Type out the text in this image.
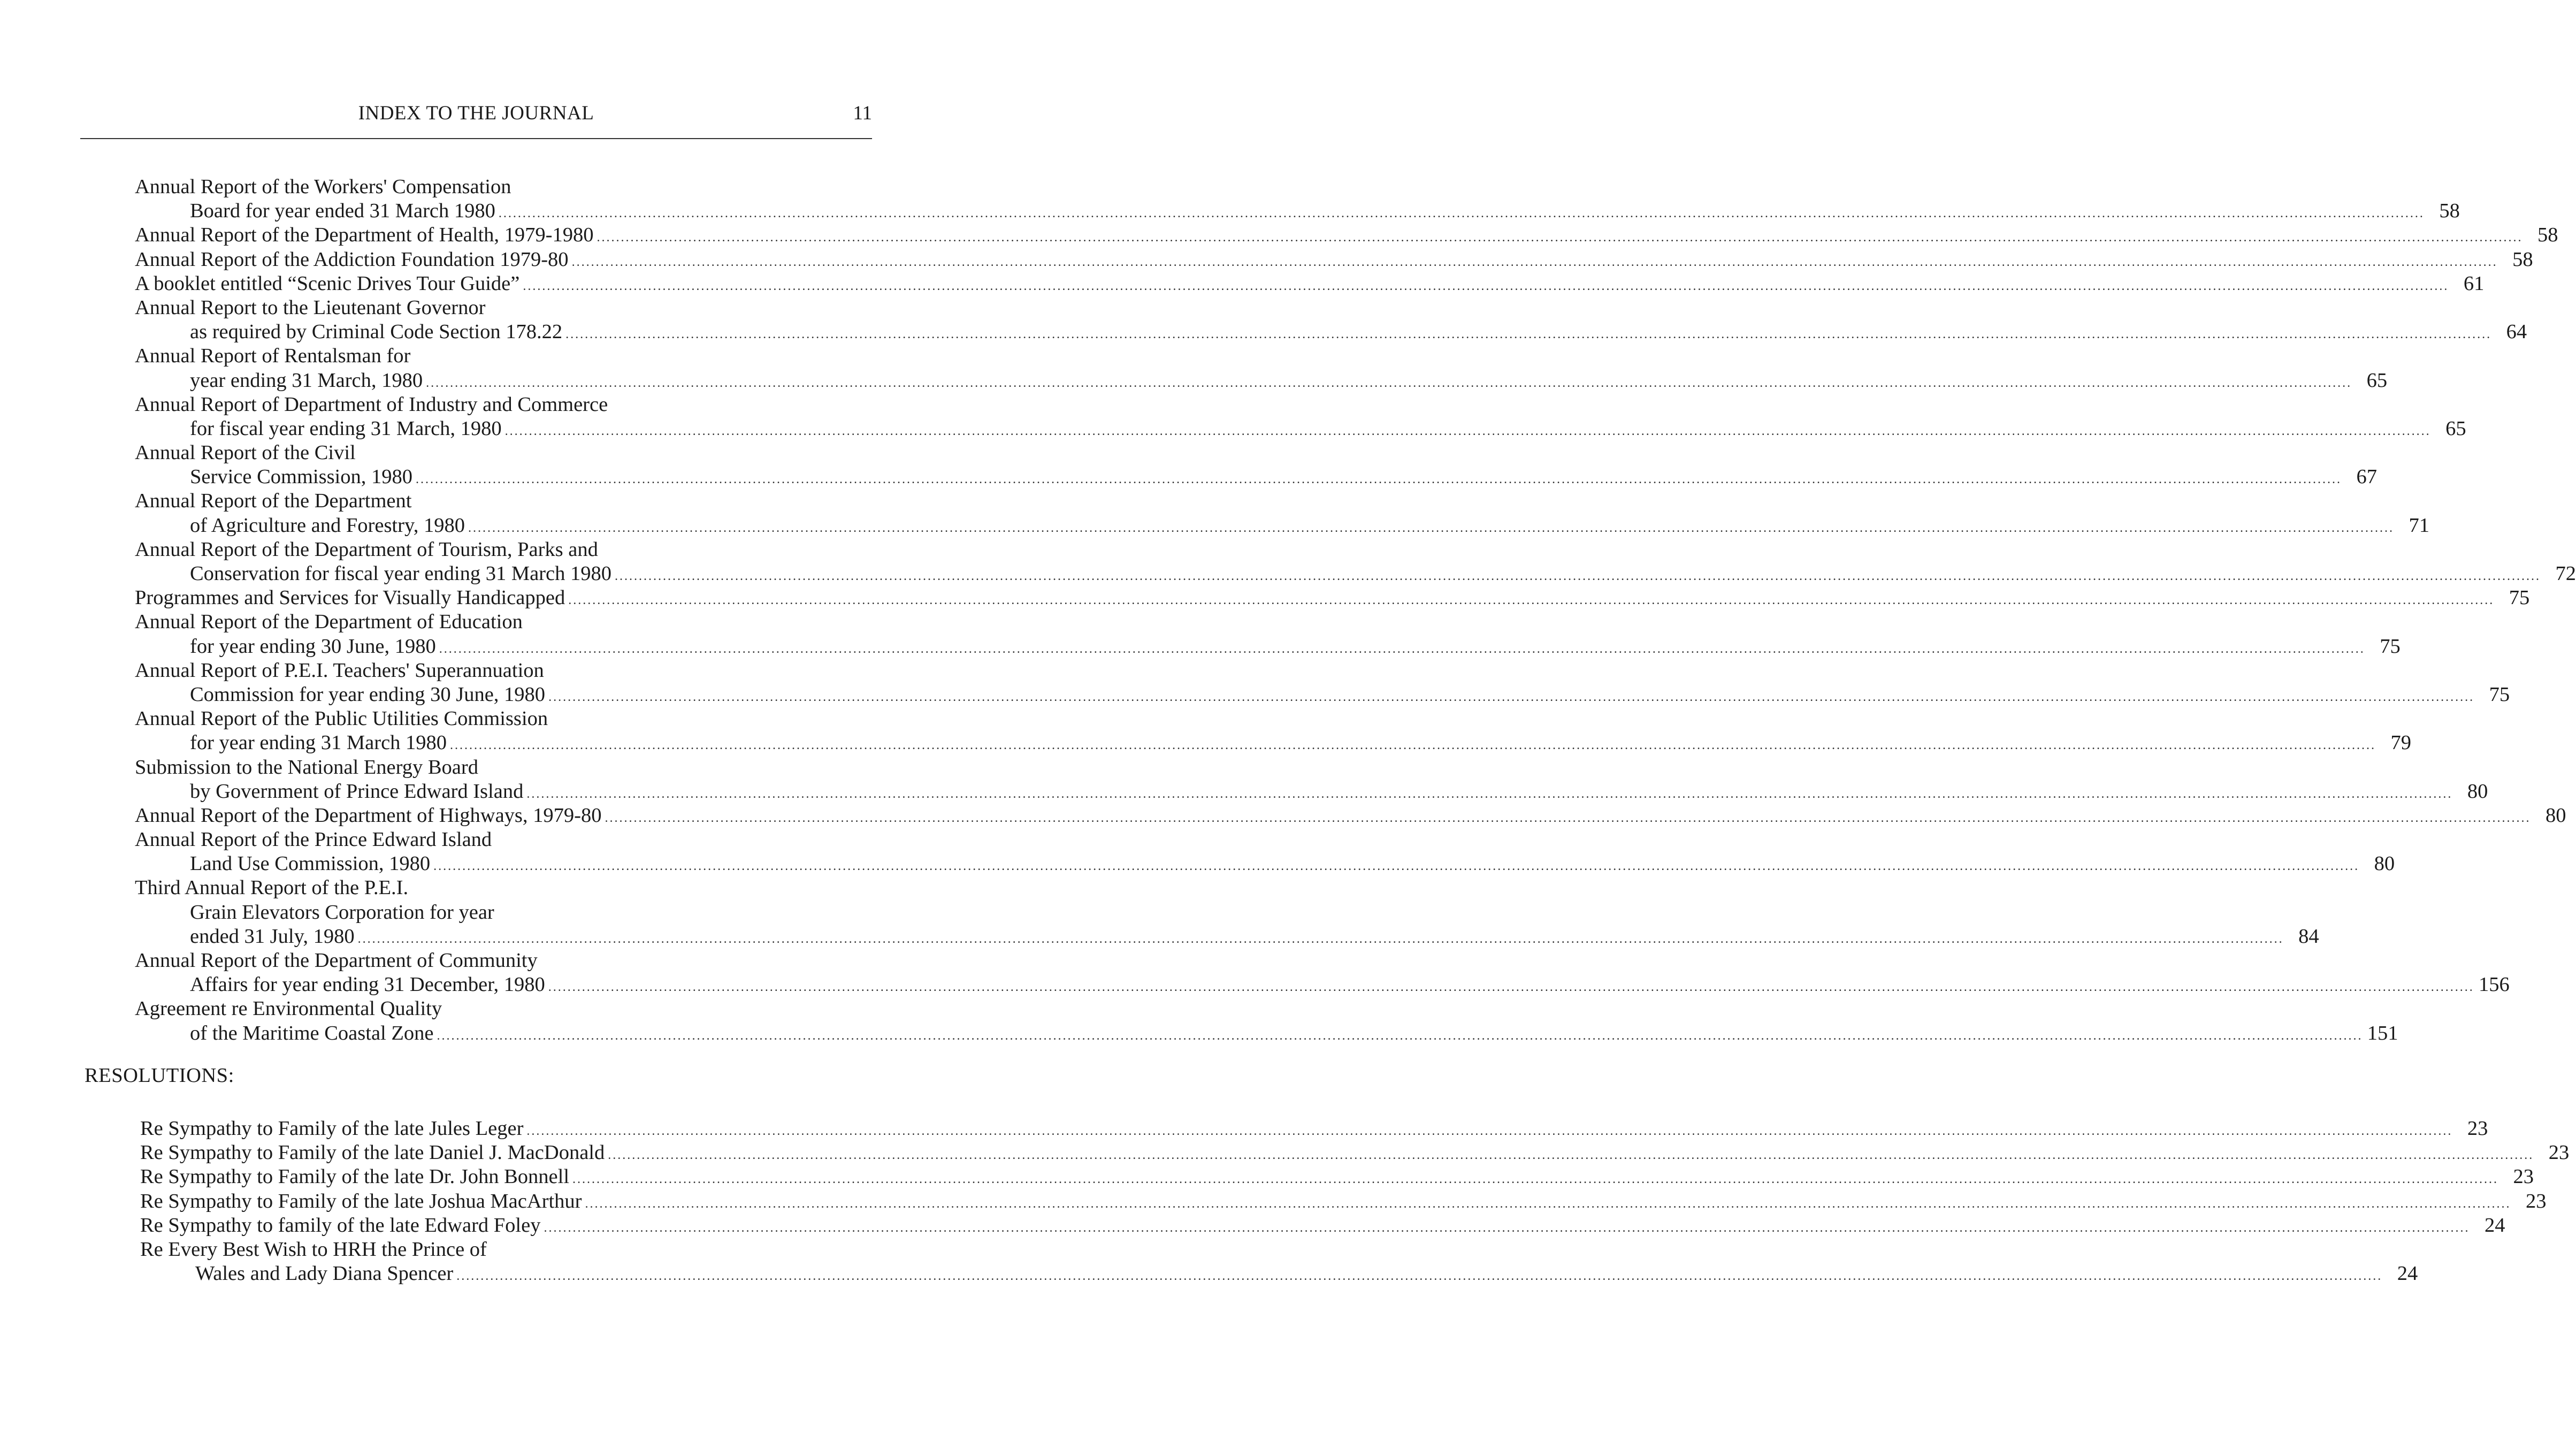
INDEX TO THE JOURNAL	11
Annual Report of the Workers' Compensation
Board for year ended 31 March 1980 ................................................................................................................................................................................................................................................................................................................................................................................................................ 58
Annual Report of the Department of Health, 1979-1980 ................................................................................................................................................................................................................................................................................................................................................................................................................ 58
Annual Report of the Addiction Foundation 1979-80 ................................................................................................................................................................................................................................................................................................................................................................................................................ 58
A booklet entitled “Scenic Drives Tour Guide” ................................................................................................................................................................................................................................................................................................................................................................................................................ 61
Annual Report to the Lieutenant Governor
as required by Criminal Code Section 178.22 ................................................................................................................................................................................................................................................................................................................................................................................................................ 64
Annual Report of Rentalsman for
year ending 31 March, 1980 ................................................................................................................................................................................................................................................................................................................................................................................................................ 65
Annual Report of Department of Industry and Commerce
for fiscal year ending 31 March, 1980 ................................................................................................................................................................................................................................................................................................................................................................................................................ 65
Annual Report of the Civil
Service Commission, 1980 ................................................................................................................................................................................................................................................................................................................................................................................................................ 67
Annual Report of the Department
of Agriculture and Forestry, 1980 ................................................................................................................................................................................................................................................................................................................................................................................................................ 71
Annual Report of the Department of Tourism, Parks and
Conservation for fiscal year ending 31 March 1980 ................................................................................................................................................................................................................................................................................................................................................................................................................ 72
Programmes and Services for Visually Handicapped ................................................................................................................................................................................................................................................................................................................................................................................................................ 75
Annual Report of the Department of Education
for year ending 30 June, 1980 ................................................................................................................................................................................................................................................................................................................................................................................................................ 75
Annual Report of P.E.I. Teachers' Superannuation
Commission for year ending 30 June, 1980 ................................................................................................................................................................................................................................................................................................................................................................................................................ 75
Annual Report of the Public Utilities Commission
for year ending 31 March 1980 ................................................................................................................................................................................................................................................................................................................................................................................................................ 79
Submission to the National Energy Board
by Government of Prince Edward Island ................................................................................................................................................................................................................................................................................................................................................................................................................ 80
Annual Report of the Department of Highways, 1979-80 ................................................................................................................................................................................................................................................................................................................................................................................................................ 80
Annual Report of the Prince Edward Island
Land Use Commission, 1980 ................................................................................................................................................................................................................................................................................................................................................................................................................ 80
Third Annual Report of the P.E.I.
Grain Elevators Corporation for year
ended 31 July, 1980 ................................................................................................................................................................................................................................................................................................................................................................................................................ 84
Annual Report of the Department of Community
Affairs for year ending 31 December, 1980 ................................................................................................................................................................................................................................................................................................................................................................................................................ 156
Agreement re Environmental Quality
of the Maritime Coastal Zone ................................................................................................................................................................................................................................................................................................................................................................................................................ 151
RESOLUTIONS:
Re Sympathy to Family of the late Jules Leger ................................................................................................................................................................................................................................................................................................................................................................................................................ 23
Re Sympathy to Family of the late Daniel J. MacDonald ................................................................................................................................................................................................................................................................................................................................................................................................................ 23
Re Sympathy to Family of the late Dr. John Bonnell ................................................................................................................................................................................................................................................................................................................................................................................................................ 23
Re Sympathy to Family of the late Joshua MacArthur ................................................................................................................................................................................................................................................................................................................................................................................................................ 23
Re Sympathy to family of the late Edward Foley ................................................................................................................................................................................................................................................................................................................................................................................................................ 24
Re Every Best Wish to HRH the Prince of
Wales and Lady Diana Spencer ................................................................................................................................................................................................................................................................................................................................................................................................................ 24
